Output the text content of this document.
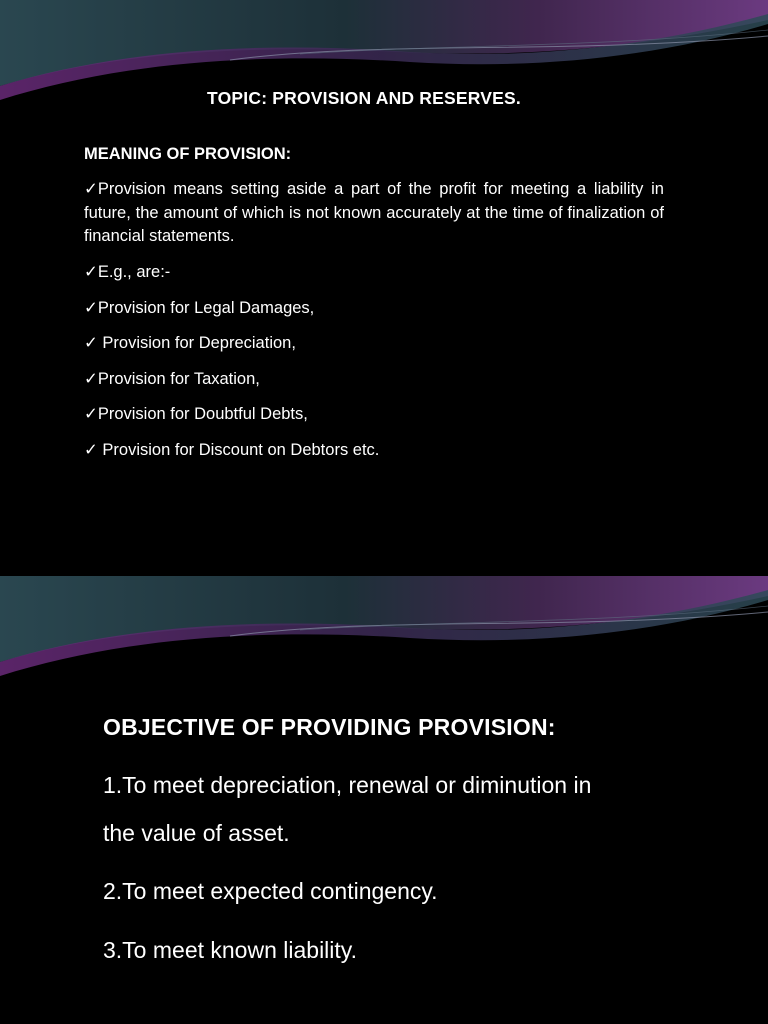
TOPIC: PROVISION AND RESERVES.
MEANING OF PROVISION:
✓Provision means setting aside a part of the profit for meeting a liability in future, the amount of which is not known accurately at the time of finalization of financial statements.
✓E.g., are:-
✓Provision for Legal Damages,
✓ Provision for Depreciation,
✓Provision for Taxation,
✓Provision for Doubtful Debts,
✓ Provision for Discount on Debtors etc.
OBJECTIVE OF PROVIDING PROVISION:
1.To meet depreciation, renewal or diminution in
the value of asset.
2.To meet expected contingency.
3.To meet known liability.
